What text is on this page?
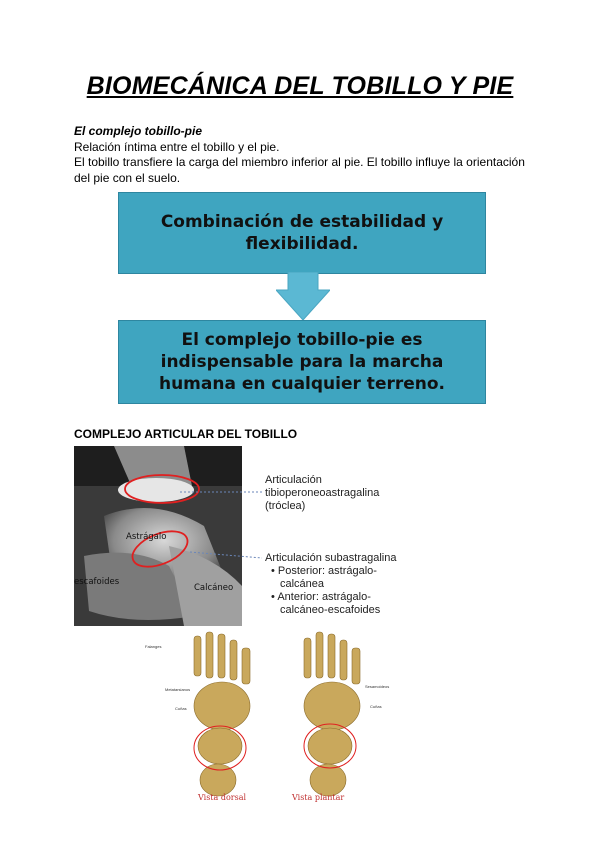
BIOMECÁNICA DEL TOBILLO Y PIE
El complejo tobillo-pie
Relación íntima entre el tobillo y el pie.
El tobillo transfiere la carga del miembro inferior al pie. El tobillo influye la orientación del pie con el suelo.
Combinación de estabilidad y flexibilidad.
El complejo tobillo-pie es indispensable para la marcha humana en cualquier terreno.
COMPLEJO ARTICULAR DEL TOBILLO
Astrágalo
escafoides
Calcáneo
Articulación
tibioperoneoastragalina
(tróclea)
Articulación subastragalina
• Posterior: astrágalo-
calcánea
• Anterior: astrágalo-
calcáneo-escafoides
Falanges
Metatarsianos
Cuñas
Vista dorsal
Sesamoideos
Cuñas
Vista plantar
